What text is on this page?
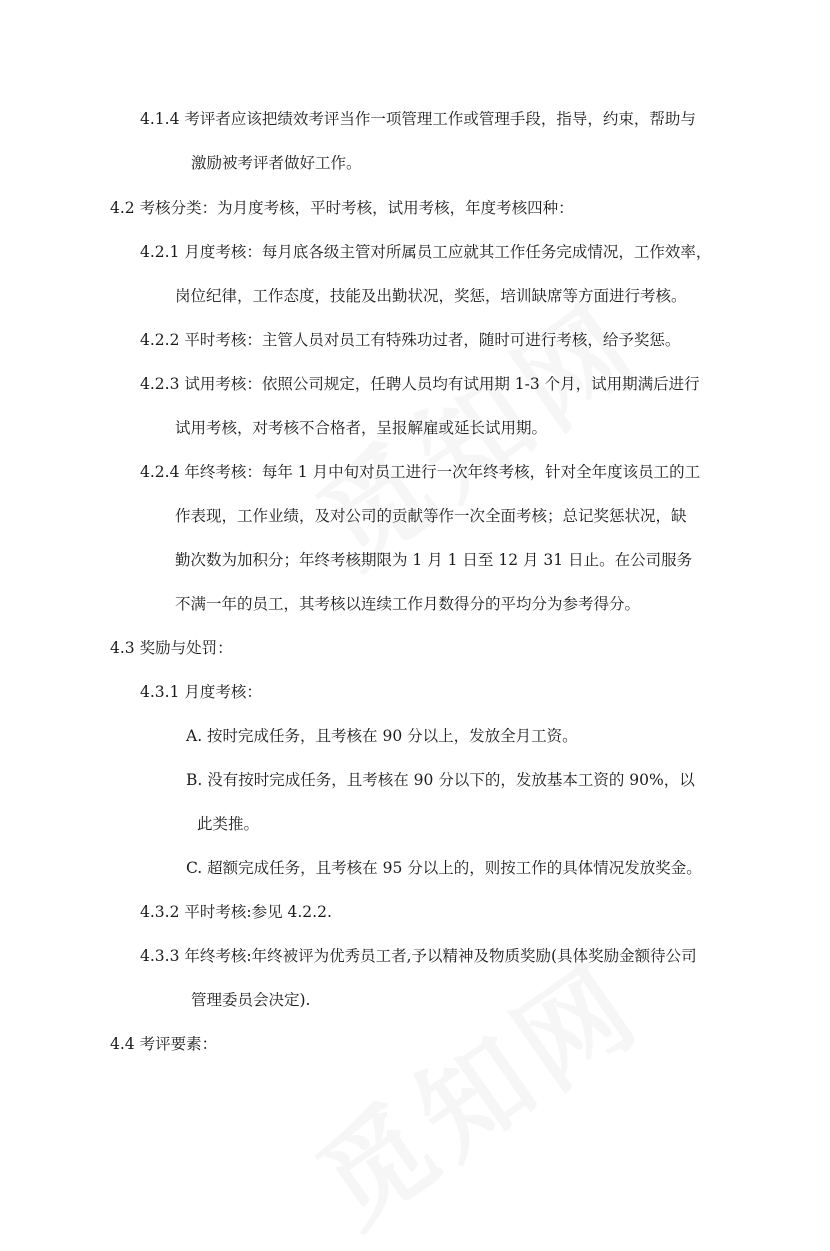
4.1.4 考评者应该把绩效考评当作一项管理工作或管理手段，指导，约束，帮助与
激励被考评者做好工作。
4.2 考核分类：为月度考核，平时考核，试用考核，年度考核四种：
4.2.1 月度考核：每月底各级主管对所属员工应就其工作任务完成情况，工作效率，
岗位纪律，工作态度，技能及出勤状况，奖惩，培训缺席等方面进行考核。
4.2.2 平时考核：主管人员对员工有特殊功过者，随时可进行考核，给予奖惩。
4.2.3 试用考核：依照公司规定，任聘人员均有试用期 1-3 个月，试用期满后进行
试用考核，对考核不合格者，呈报解雇或延长试用期。
4.2.4 年终考核：每年 1 月中旬对员工进行一次年终考核，针对全年度该员工的工
作表现，工作业绩，及对公司的贡献等作一次全面考核；总记奖惩状况，缺
勤次数为加积分；年终考核期限为 1 月 1 日至 12 月 31 日止。在公司服务
不满一年的员工，其考核以连续工作月数得分的平均分为参考得分。
4.3 奖励与处罚：
4.3.1 月度考核：
A. 按时完成任务，且考核在 90 分以上，发放全月工资。
B. 没有按时完成任务，且考核在 90 分以下的，发放基本工资的 90%，以
此类推。
C. 超额完成任务，且考核在 95 分以上的，则按工作的具体情况发放奖金。
4.3.2 平时考核:参见 4.2.2.
4.3.3 年终考核:年终被评为优秀员工者,予以精神及物质奖励(具体奖励金额待公司
管理委员会决定).
4.4 考评要素：
